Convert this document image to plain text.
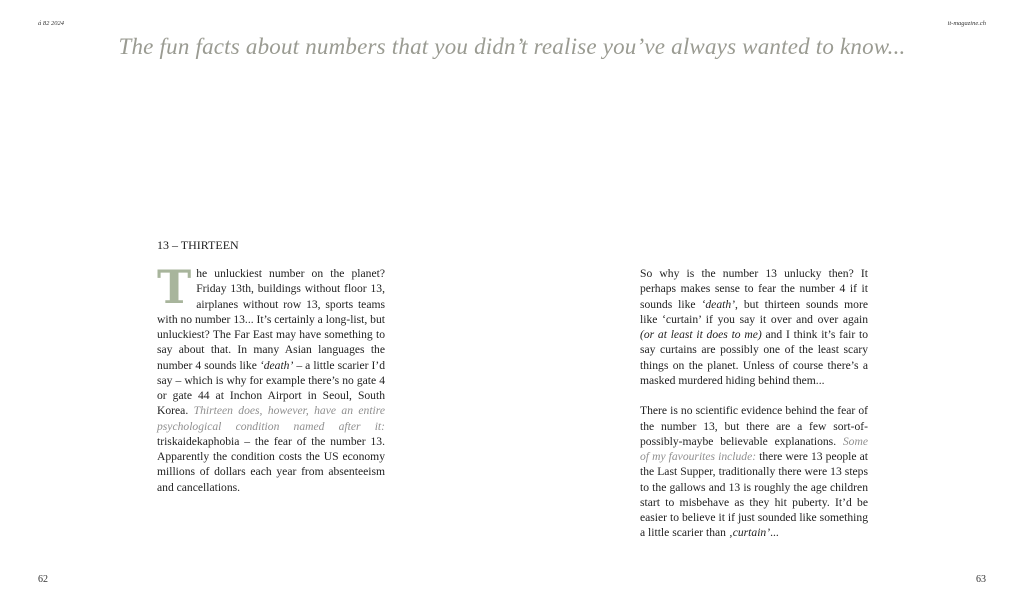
á 82 2024	it-magazine.ch
The fun facts about numbers that you didn’t realise you’ve always wanted to know...
13 – THIRTEEN

The unluckiest number on the planet? Friday 13th, buildings without floor 13, airplanes without row 13, sports teams with no number 13... It’s certainly a long-list, but unluckiest? The Far East may have something to say about that. In many Asian languages the number 4 sounds like ‘death’ – a little scarier I’d say – which is why for example there’s no gate 4 or gate 44 at Inchon Airport in Seoul, South Korea. Thirteen does, however, have an entire psychological condition named after it: triskaidekaphobia – the fear of the number 13. Apparently the condition costs the US economy millions of dollars each year from absenteeism and cancellations.

So why is the number 13 unlucky then? It perhaps makes sense to fear the number 4 if it sounds like ‘death’, but thirteen sounds more like ‘curtain’ if you say it over and over again (or at least it does to me) and I think it’s fair to say curtains are possibly one of the least scary things on the planet. Unless of course there’s a masked murdered hiding behind them...

There is no scientific evidence behind the fear of the number 13, but there are a few sort-of-possibly-maybe believable explanations. Some of my favourites include: there were 13 people at the Last Supper, traditionally there were 13 steps to the gallows and 13 is roughly the age children start to misbehave as they hit puberty. It’d be easier to believe it if just sounded like something a little scarier than ‚curtain’...

62	63
